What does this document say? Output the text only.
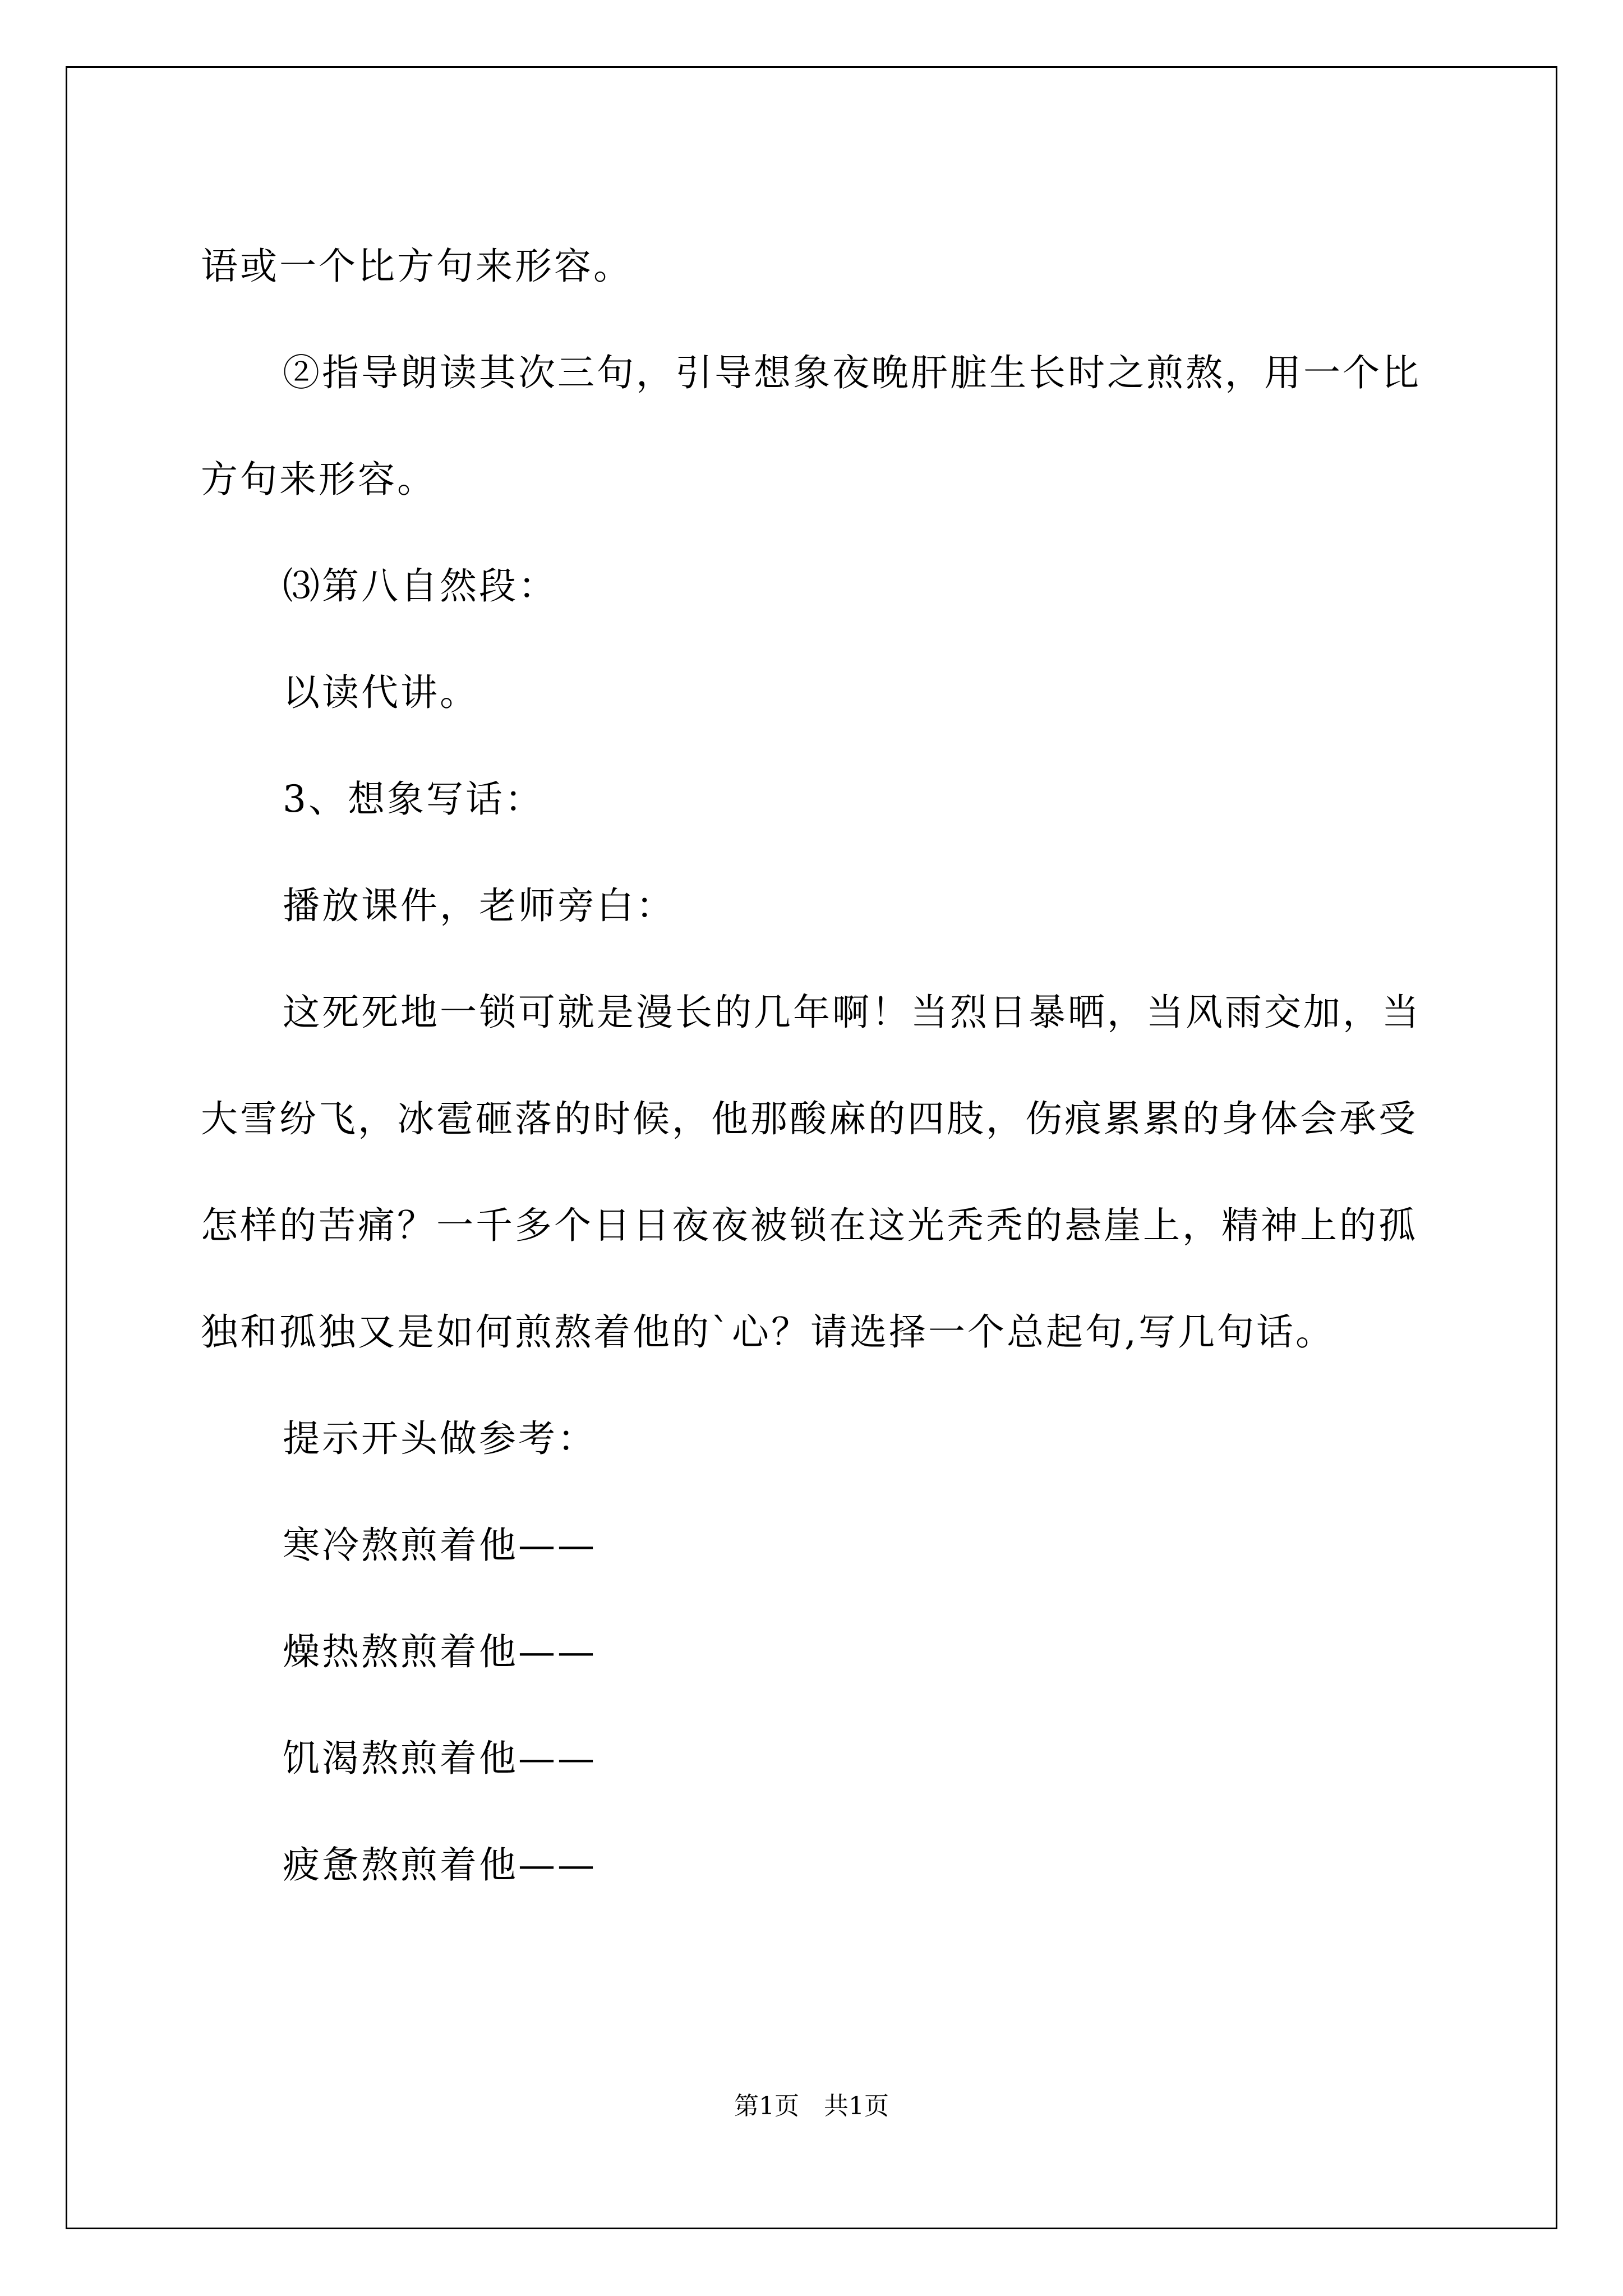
语或一个比方句来形容。

②指导朗读其次三句，引导想象夜晚肝脏生长时之煎熬，用一个比方句来形容。

⑶第八自然段：

以读代讲。

3、想象写话：

播放课件，老师旁白：

这死死地一锁可就是漫长的几年啊！当烈日暴晒，当风雨交加，当大雪纷飞，冰雹砸落的时候，他那酸麻的四肢，伤痕累累的身体会承受怎样的苦痛？一千多个日日夜夜被锁在这光秃秃的悬崖上，精神上的孤独和孤独又是如何煎熬着他的`心？请选择一个总起句,写几句话。

提示开头做参考：

寒冷熬煎着他——

燥热熬煎着他——

饥渴熬煎着他——

疲惫熬煎着他——

第1页　共1页
